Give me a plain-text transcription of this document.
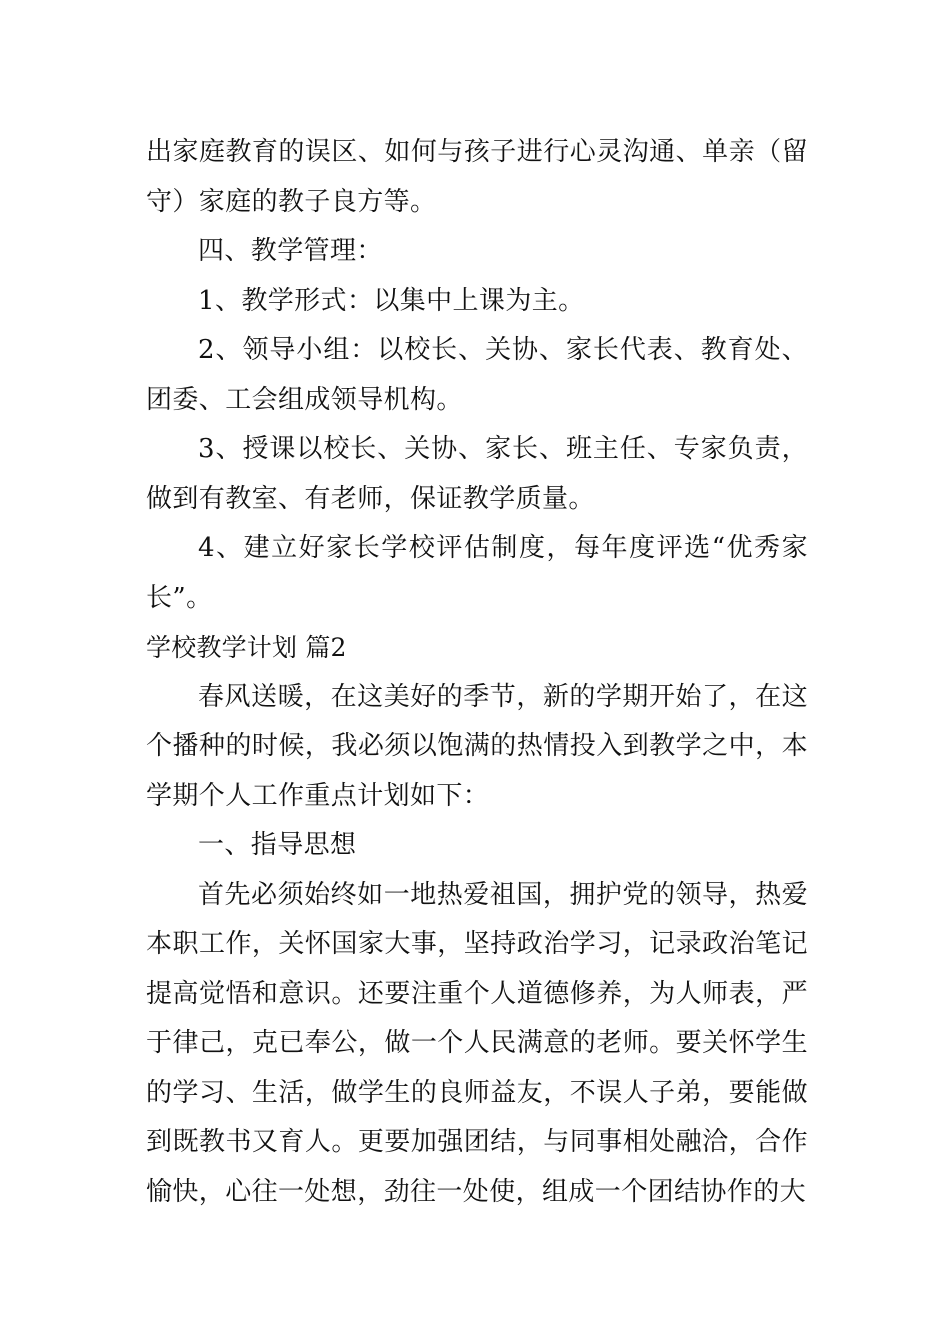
出家庭教育的误区、如何与孩子进行心灵沟通、单亲（留守）家庭的教子良方等。

四、教学管理：

1、教学形式：以集中上课为主。

2、领导小组：以校长、关协、家长代表、教育处、团委、工会组成领导机构。

3、授课以校长、关协、家长、班主任、专家负责，做到有教室、有老师，保证教学质量。

4、建立好家长学校评估制度，每年度评选“优秀家长”。

学校教学计划 篇2

春风送暖，在这美好的季节，新的学期开始了，在这个播种的时候，我必须以饱满的热情投入到教学之中，本学期个人工作重点计划如下：

一、指导思想

首先必须始终如一地热爱祖国，拥护党的领导，热爱本职工作，关怀国家大事，坚持政治学习，记录政治笔记提高觉悟和意识。还要注重个人道德修养，为人师表，严于律己，克已奉公，做一个人民满意的老师。要关怀学生的学习、生活，做学生的良师益友，不误人子弟，要能做到既教书又育人。更要加强团结，与同事相处融洽，合作愉快，心往一处想，劲往一处使，组成一个团结协作的大
